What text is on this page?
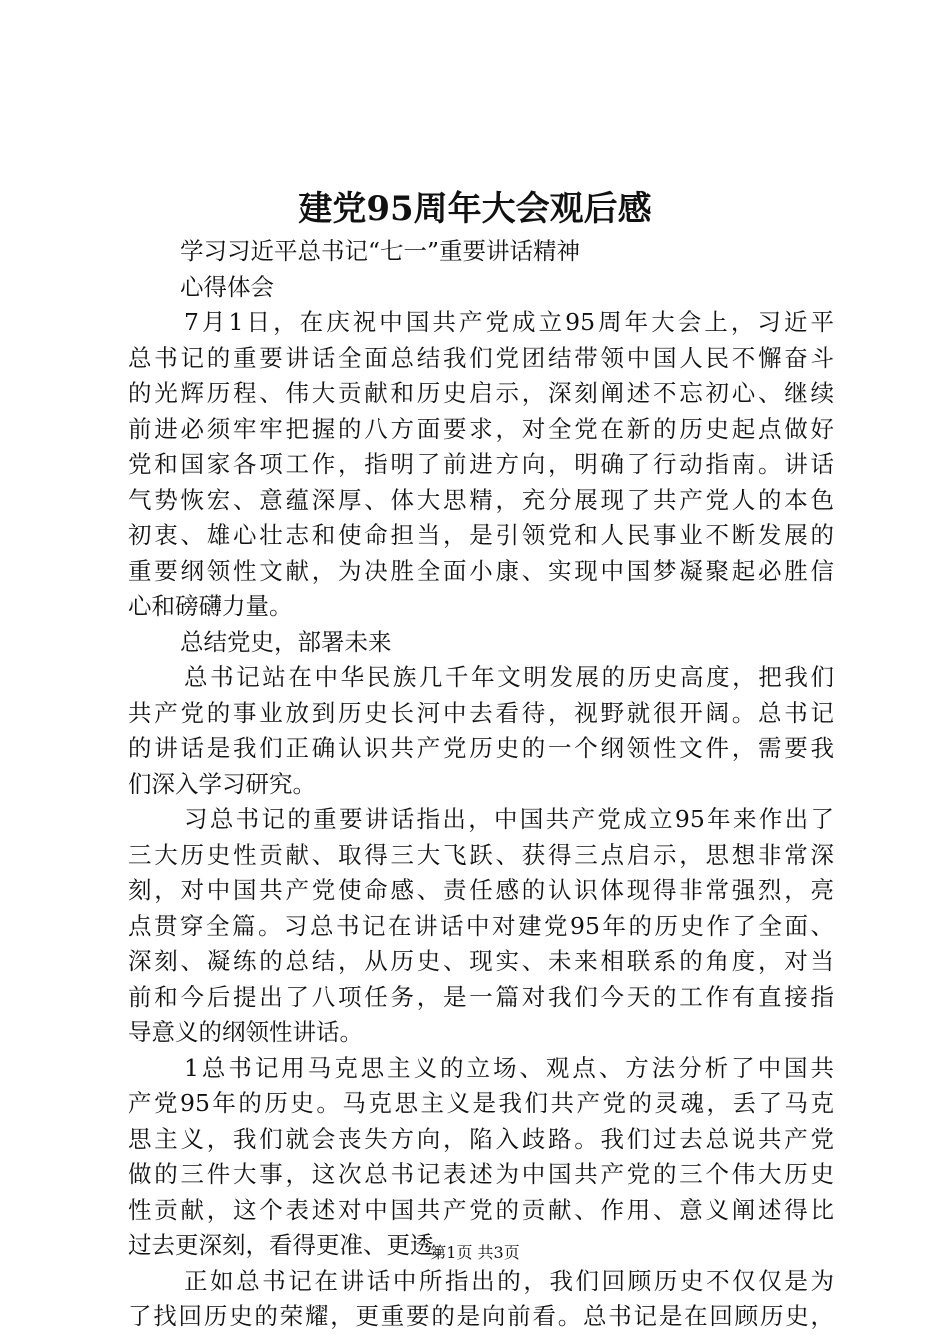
建党95周年大会观后感
学习习近平总书记“七一”重要讲话精神
心得体会
7月1日，在庆祝中国共产党成立95周年大会上，习近平
总书记的重要讲话全面总结我们党团结带领中国人民不懈奋斗
的光辉历程、伟大贡献和历史启示，深刻阐述不忘初心、继续
前进必须牢牢把握的八方面要求，对全党在新的历史起点做好
党和国家各项工作，指明了前进方向，明确了行动指南。讲话
气势恢宏、意蕴深厚、体大思精，充分展现了共产党人的本色
初衷、雄心壮志和使命担当，是引领党和人民事业不断发展的
重要纲领性文献，为决胜全面小康、实现中国梦凝聚起必胜信
心和磅礴力量。
总结党史，部署未来
总书记站在中华民族几千年文明发展的历史高度，把我们
共产党的事业放到历史长河中去看待，视野就很开阔。总书记
的讲话是我们正确认识共产党历史的一个纲领性文件，需要我
们深入学习研究。
习总书记的重要讲话指出，中国共产党成立95年来作出了
三大历史性贡献、取得三大飞跃、获得三点启示，思想非常深
刻，对中国共产党使命感、责任感的认识体现得非常强烈，亮
点贯穿全篇。习总书记在讲话中对建党95年的历史作了全面、
深刻、凝练的总结，从历史、现实、未来相联系的角度，对当
前和今后提出了八项任务，是一篇对我们今天的工作有直接指
导意义的纲领性讲话。
1总书记用马克思主义的立场、观点、方法分析了中国共
产党95年的历史。马克思主义是我们共产党的灵魂，丢了马克
思主义，我们就会丧失方向，陷入歧路。我们过去总说共产党
做的三件大事，这次总书记表述为中国共产党的三个伟大历史
性贡献，这个表述对中国共产党的贡献、作用、意义阐述得比
过去更深刻，看得更准、更透。
正如总书记在讲话中所指出的，我们回顾历史不仅仅是为
了找回历史的荣耀，更重要的是向前看。总书记是在回顾历史，
第1页 共3页
